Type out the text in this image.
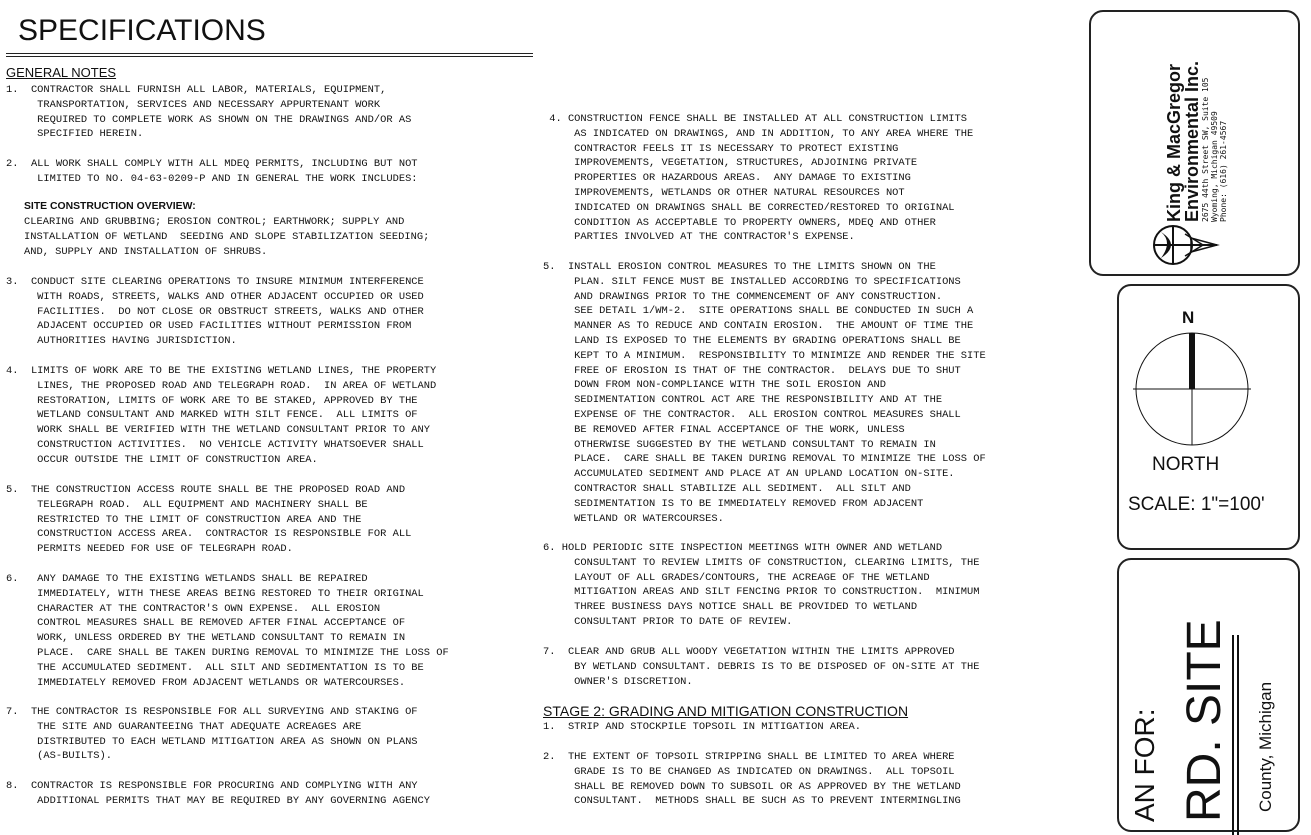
SPECIFICATIONS
GENERAL NOTES
1.  CONTRACTOR SHALL FURNISH ALL LABOR, MATERIALS, EQUIPMENT,
TRANSPORTATION, SERVICES AND NECESSARY APPURTENANT WORK
REQUIRED TO COMPLETE WORK AS SHOWN ON THE DRAWINGS AND/OR AS
SPECIFIED HEREIN.
2.  ALL WORK SHALL COMPLY WITH ALL MDEQ PERMITS, INCLUDING BUT NOT
LIMITED TO NO. 04-63-0209-P AND IN GENERAL THE WORK INCLUDES:
SITE CONSTRUCTION OVERVIEW:
CLEARING AND GRUBBING; EROSION CONTROL; EARTHWORK; SUPPLY AND
INSTALLATION OF WETLAND  SEEDING AND SLOPE STABILIZATION SEEDING;
AND, SUPPLY AND INSTALLATION OF SHRUBS.
3.  CONDUCT SITE CLEARING OPERATIONS TO INSURE MINIMUM INTERFERENCE
WITH ROADS, STREETS, WALKS AND OTHER ADJACENT OCCUPIED OR USED
FACILITIES.  DO NOT CLOSE OR OBSTRUCT STREETS, WALKS AND OTHER
ADJACENT OCCUPIED OR USED FACILITIES WITHOUT PERMISSION FROM
AUTHORITIES HAVING JURISDICTION.
4.  LIMITS OF WORK ARE TO BE THE EXISTING WETLAND LINES, THE PROPERTY
LINES, THE PROPOSED ROAD AND TELEGRAPH ROAD.  IN AREA OF WETLAND
RESTORATION, LIMITS OF WORK ARE TO BE STAKED, APPROVED BY THE
WETLAND CONSULTANT AND MARKED WITH SILT FENCE.  ALL LIMITS OF
WORK SHALL BE VERIFIED WITH THE WETLAND CONSULTANT PRIOR TO ANY
CONSTRUCTION ACTIVITIES.  NO VEHICLE ACTIVITY WHATSOEVER SHALL
OCCUR OUTSIDE THE LIMIT OF CONSTRUCTION AREA.
5.  THE CONSTRUCTION ACCESS ROUTE SHALL BE THE PROPOSED ROAD AND
TELEGRAPH ROAD.  ALL EQUIPMENT AND MACHINERY SHALL BE
RESTRICTED TO THE LIMIT OF CONSTRUCTION AREA AND THE
CONSTRUCTION ACCESS AREA.  CONTRACTOR IS RESPONSIBLE FOR ALL
PERMITS NEEDED FOR USE OF TELEGRAPH ROAD.
6.   ANY DAMAGE TO THE EXISTING WETLANDS SHALL BE REPAIRED
IMMEDIATELY, WITH THESE AREAS BEING RESTORED TO THEIR ORIGINAL
CHARACTER AT THE CONTRACTOR'S OWN EXPENSE.  ALL EROSION
CONTROL MEASURES SHALL BE REMOVED AFTER FINAL ACCEPTANCE OF
WORK, UNLESS ORDERED BY THE WETLAND CONSULTANT TO REMAIN IN
PLACE.  CARE SHALL BE TAKEN DURING REMOVAL TO MINIMIZE THE LOSS OF
THE ACCUMULATED SEDIMENT.  ALL SILT AND SEDIMENTATION IS TO BE
IMMEDIATELY REMOVED FROM ADJACENT WETLANDS OR WATERCOURSES.
7.  THE CONTRACTOR IS RESPONSIBLE FOR ALL SURVEYING AND STAKING OF
THE SITE AND GUARANTEEING THAT ADEQUATE ACREAGES ARE
DISTRIBUTED TO EACH WETLAND MITIGATION AREA AS SHOWN ON PLANS
(AS-BUILTS).
8.  CONTRACTOR IS RESPONSIBLE FOR PROCURING AND COMPLYING WITH ANY
ADDITIONAL PERMITS THAT MAY BE REQUIRED BY ANY GOVERNING AGENCY
4. CONSTRUCTION FENCE SHALL BE INSTALLED AT ALL CONSTRUCTION LIMITS
AS INDICATED ON DRAWINGS, AND IN ADDITION, TO ANY AREA WHERE THE
CONTRACTOR FEELS IT IS NECESSARY TO PROTECT EXISTING
IMPROVEMENTS, VEGETATION, STRUCTURES, ADJOINING PRIVATE
PROPERTIES OR HAZARDOUS AREAS.  ANY DAMAGE TO EXISTING
IMPROVEMENTS, WETLANDS OR OTHER NATURAL RESOURCES NOT
INDICATED ON DRAWINGS SHALL BE CORRECTED/RESTORED TO ORIGINAL
CONDITION AS ACCEPTABLE TO PROPERTY OWNERS, MDEQ AND OTHER
PARTIES INVOLVED AT THE CONTRACTOR'S EXPENSE.
5.  INSTALL EROSION CONTROL MEASURES TO THE LIMITS SHOWN ON THE
PLAN. SILT FENCE MUST BE INSTALLED ACCORDING TO SPECIFICATIONS
AND DRAWINGS PRIOR TO THE COMMENCEMENT OF ANY CONSTRUCTION.
SEE DETAIL 1/WM-2.  SITE OPERATIONS SHALL BE CONDUCTED IN SUCH A
MANNER AS TO REDUCE AND CONTAIN EROSION.  THE AMOUNT OF TIME THE
LAND IS EXPOSED TO THE ELEMENTS BY GRADING OPERATIONS SHALL BE
KEPT TO A MINIMUM.  RESPONSIBILITY TO MINIMIZE AND RENDER THE SITE
FREE OF EROSION IS THAT OF THE CONTRACTOR.  DELAYS DUE TO SHUT
DOWN FROM NON-COMPLIANCE WITH THE SOIL EROSION AND
SEDIMENTATION CONTROL ACT ARE THE RESPONSIBILITY AND AT THE
EXPENSE OF THE CONTRACTOR.  ALL EROSION CONTROL MEASURES SHALL
BE REMOVED AFTER FINAL ACCEPTANCE OF THE WORK, UNLESS
OTHERWISE SUGGESTED BY THE WETLAND CONSULTANT TO REMAIN IN
PLACE.  CARE SHALL BE TAKEN DURING REMOVAL TO MINIMIZE THE LOSS OF
ACCUMULATED SEDIMENT AND PLACE AT AN UPLAND LOCATION ON-SITE.
CONTRACTOR SHALL STABILIZE ALL SEDIMENT.  ALL SILT AND
SEDIMENTATION IS TO BE IMMEDIATELY REMOVED FROM ADJACENT
WETLAND OR WATERCOURSES.
6. HOLD PERIODIC SITE INSPECTION MEETINGS WITH OWNER AND WETLAND
CONSULTANT TO REVIEW LIMITS OF CONSTRUCTION, CLEARING LIMITS, THE
LAYOUT OF ALL GRADES/CONTOURS, THE ACREAGE OF THE WETLAND
MITIGATION AREAS AND SILT FENCING PRIOR TO CONSTRUCTION.  MINIMUM
THREE BUSINESS DAYS NOTICE SHALL BE PROVIDED TO WETLAND
CONSULTANT PRIOR TO DATE OF REVIEW.
7.  CLEAR AND GRUB ALL WOODY VEGETATION WITHIN THE LIMITS APPROVED
BY WETLAND CONSULTANT. DEBRIS IS TO BE DISPOSED OF ON-SITE AT THE
OWNER'S DISCRETION.
STAGE 2: GRADING AND MITIGATION CONSTRUCTION
1.  STRIP AND STOCKPILE TOPSOIL IN MITIGATION AREA.
2.  THE EXTENT OF TOPSOIL STRIPPING SHALL BE LIMITED TO AREA WHERE
GRADE IS TO BE CHANGED AS INDICATED ON DRAWINGS.  ALL TOPSOIL
SHALL BE REMOVED DOWN TO SUBSOIL OR AS APPROVED BY THE WETLAND
CONSULTANT.  METHODS SHALL BE SUCH AS TO PREVENT INTERMINGLING
King & MacGregor
Environmental Inc. 2675 44th Street SW, Suite 105 Wyoming, Michigan 49509 Phone: (616) 261-4567
N
NORTH
SCALE: 1"=100'
AN FOR: RD. SITE County, Michigan
